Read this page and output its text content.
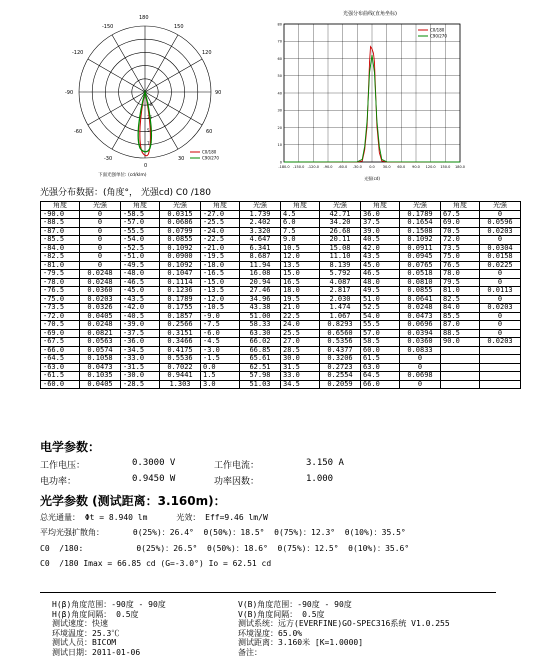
180
150
-150
120
-120
90
-90
60
-60
30
-30
0
18
36
54
72
C0/180
C90/270
下面光强单位: (cd/klm)
光强分布曲线(直角坐标)
-180.0 -150.0 -120.0 -90.0 -60.0 -30.0 0.0 30.0 60.0 90.0 120.0 150.0 180.0
0
10
20
30
40
50
60
70
80
C0/180
C90/270
光强(cd)
光强分布数据：(角度°， 光强cd) C0 /180
角度	光强	角度	光强	角度	光强	角度	光强	角度	光强	角度	光强
-90.0	0	-58.5	0.0315	-27.0	1.739	4.5	42.71	36.0	0.1789	67.5	0
-88.5	0	-57.0	0.0686	-25.5	2.402	6.0	34.20	37.5	0.1654	69.0	0.0596
-87.0	0	-55.5	0.0799	-24.0	3.320	7.5	26.68	39.0	0.1508	70.5	0.0203
-85.5	0	-54.0	0.0855	-22.5	4.647	9.0	20.11	40.5	0.1092	72.0	0
-84.0	0	-52.5	0.1092	-21.0	6.341	10.5	15.08	42.0	0.0911	73.5	0.0304
-82.5	0	-51.0	0.0900	-19.5	8.687	12.0	11.10	43.5	0.0945	75.0	0.0158
-81.0	0	-49.5	0.1092	-18.0	11.94	13.5	8.139	45.0	0.0765	76.5	0.0225
-79.5	0.0248	-48.0	0.1047	-16.5	16.08	15.0	5.792	46.5	0.0518	78.0	0
-78.0	0.0248	-46.5	0.1114	-15.0	20.94	16.5	4.087	48.0	0.0810	79.5	0
-76.5	0.0360	-45.0	0.1236	-13.5	27.46	18.0	2.817	49.5	0.0855	81.0	0.0113
-75.0	0.0203	-43.5	0.1789	-12.0	34.96	19.5	2.030	51.0	0.0641	82.5	0
-73.5	0.0326	-42.0	0.1755	-10.5	43.38	21.0	1.474	52.5	0.0248	84.0	0.0203
-72.0	0.0405	-40.5	0.1857	-9.0	51.00	22.5	1.067	54.0	0.0473	85.5	0
-70.5	0.0248	-39.0	0.2566	-7.5	58.33	24.0	0.8293	55.5	0.0696	87.0	0
-69.0	0.0821	-37.5	0.3151	-6.0	63.30	25.5	0.6560	57.0	0.0394	88.5	0
-67.5	0.0563	-36.0	0.3466	-4.5	66.02	27.0	0.5356	58.5	0.0360	90.0	0.0203
-66.0	0.0574	-34.5	0.4175	-3.0	66.85	28.5	0.4377	60.0	0.0833		
-64.5	0.1058	-33.0	0.5536	-1.5	65.61	30.0	0.3206	61.5	0		
-63.0	0.0473	-31.5	0.7022	0.0	62.51	31.5	0.2723	63.0	0		
-61.5	0.1035	-30.0	0.9441	1.5	57.98	33.0	0.2554	64.5	0.0698		
-60.0	0.0405	-28.5	1.303	3.0	51.03	34.5	0.2059	66.0	0		
电学参数：
工作电压：	0.3000 V	工作电流：	3.150 A
电功率：	0.9450 W	功率因数：	1.000
光学参数 (测试距离：3.160m)：
总光通量： Φt = 8.940 lm      光效： Eff=9.46 lm/W
平均光强扩散角：      θ(25%)：26.4°  θ(50%)：18.5°  θ(75%)：12.3°  θ(10%)：35.5°
C0  /180:           θ(25%)：26.5°  θ(50%)：18.6°  θ(75%)：12.5°  θ(10%)：35.6°
C0  /180 Imax = 66.85 cd (G=-3.0°) Io = 62.51 cd
H(β)角度范围：-90度 - 90度
H(β)角度间隔： 0.5度
测试速度：快速
环境温度：25.3℃
测试人员：BICOM
测试日期：2011-01-06
V(B)角度范围：-90度 - 90度
V(B)角度间隔： 0.5度
测试系统：远方(EVERFINE)GO-SPEC316系统 V1.0.255
环境湿度：65.0%
测试距离：3.160米 [K=1.0000]
备注：
